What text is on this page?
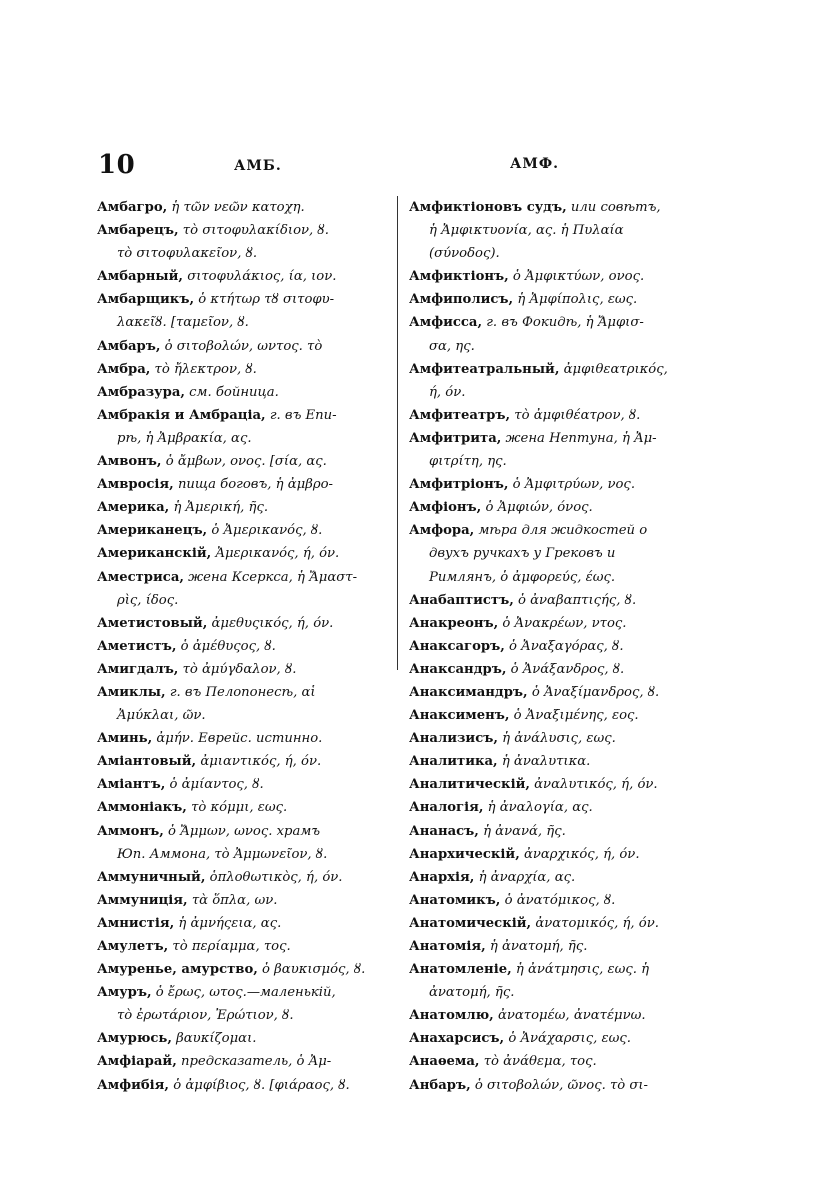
10	АМБ.	АМФ.
Амбагро, ἡ τῶν νεῶν κατοχη.
Амбарецъ, τὸ σιτοφυλακίδιον, ȣ.
τὸ σιτοφυλακεῖον, ȣ.
Амбарный, σιτοφυλάκιος, ία, ιον.
Амбарщикъ, ὁ κτήτωρ τȣ σιτοφυ-
λακεῖȣ. [ταμεῖον, ȣ.
Амбаръ, ὁ σιτοβολών, ωντος. τὸ
Амбра, τὸ ἤλεκτρον, ȣ.
Амбразура, см. бойница.
Амбракія и Амбраціа, г. въ Епи-
рѣ, ἡ Ἀμβρακία, ας.
Амвонъ, ὁ ἄμβων, ονος. [σία, ας.
Амвросія, пища боговъ, ἡ ἀμβρο-
Америка, ἡ Ἀμερική, ῆς.
Американецъ, ὁ Ἀμερικανός, ȣ.
Американскій, Ἀμερικανός, ή, όν.
Аместриса, жена Ксеркса, ἡ Ἄμαστ-
ρὶς, ίδος.
Аметистовый, ἀμεθυςικός, ή, όν.
Аметистъ, ὁ ἀμέθυςος, ȣ.
Амигдалъ, τὸ ἀμύγδαλον, ȣ.
Амиклы, г. въ Пелопонесѣ, αἱ
Ἀμύκλαι, ῶν.
Аминь, ἀμήν. Еврейс. истинно.
Аміантовый, ἀμιαντικός, ή, όν.
Аміантъ, ὁ ἀμίαντος, ȣ.
Аммоніакъ, τὸ κόμμι, εως.
Аммонъ, ὁ Ἄμμων, ωνος. храмъ
Юп. Аммона, τὸ Ἀμμωνεῖον, ȣ.
Аммуничный, ὁπλοθωτικὸς, ή, όν.
Аммуниція, τὰ ὅπλα, ων.
Амнистія, ἡ ἀμνήςεια, ας.
Амулетъ, τὸ περίαμμα, τος.
Амуренье, амурство, ὁ βαυκισμός, ȣ.
Амуръ, ὁ ἔρως, ωτος.—маленькій,
τὸ ἐρωτάριον, Ἐρώτιον, ȣ.
Амурюсь, βαυκίζομαι.
Амфіарай, предсказатель, ὁ Ἀμ-
Амфибія, ὁ ἀμφίβιος, ȣ. [φιάραος, ȣ.
Амфиктіоновъ судъ, или совѣтъ,
ἡ Ἀμφικτυονία, ας. ἡ Πυλαία
(σύνοδος).
Амфиктіонъ, ὁ Ἀμφικτύων, ονος.
Амфиполисъ, ἡ Ἀμφίπολις, εως.
Амфисса, г. въ Фокидѣ, ἡ Ἄμφισ-
σα, ης.
Амфитеатральный, ἀμφιθεατρικός,
ή, όν.
Амфитеатръ, τὸ ἀμφιθέατρον, ȣ.
Амфитрита, жена Нептуна, ἡ Ἀμ-
φιτρίτη, ης.
Амфитріонъ, ὁ Ἀμφιτρύων, νος.
Амфіонъ, ὁ Ἀμφιών, όνος.
Амфора, мѣра для жидкостей о
двухъ ручкахъ у Грековъ и
Римлянъ, ὁ ἀμφορεύς, έως.
Анабаптистъ, ὁ ἀναβαπτιςής, ȣ.
Анакреонъ, ὁ Ἀνακρέων, ντος.
Анаксагоръ, ὁ Ἀναξαγόρας, ȣ.
Анаксандръ, ὁ Ἀνάξανδρος, ȣ.
Анаксимандръ, ὁ Ἀναξίμανδρος, ȣ.
Анаксименъ, ὁ Ἀναξιμένης, εος.
Анализисъ, ἡ ἀνάλυσις, εως.
Аналитика, ἡ ἀναλυτικα.
Аналитическій, ἀναλυτικός, ή, όν.
Аналогія, ἡ ἀναλογία, ας.
Ананасъ, ἡ ἀνανά, ῆς.
Анархическій, ἀναρχικός, ή, όν.
Анархія, ἡ ἀναρχία, ας.
Анатомикъ, ὁ ἀνατόμικος, ȣ.
Анатомическій, ἀνατομικός, ή, όν.
Анатомія, ἡ ἀνατομή, ῆς.
Анатомленіе, ἡ ἀνάτμησις, εως. ἡ
ἀνατομή, ῆς.
Анатомлю, ἀνατομέω, ἀνατέμνω.
Анахарсисъ, ὁ Ἀνάχαρσις, εως.
Анаѳема, τὸ ἀνάθεμα, τος.
Анбаръ, ὁ σιτοβολών, ῶνος. τὸ σι-
